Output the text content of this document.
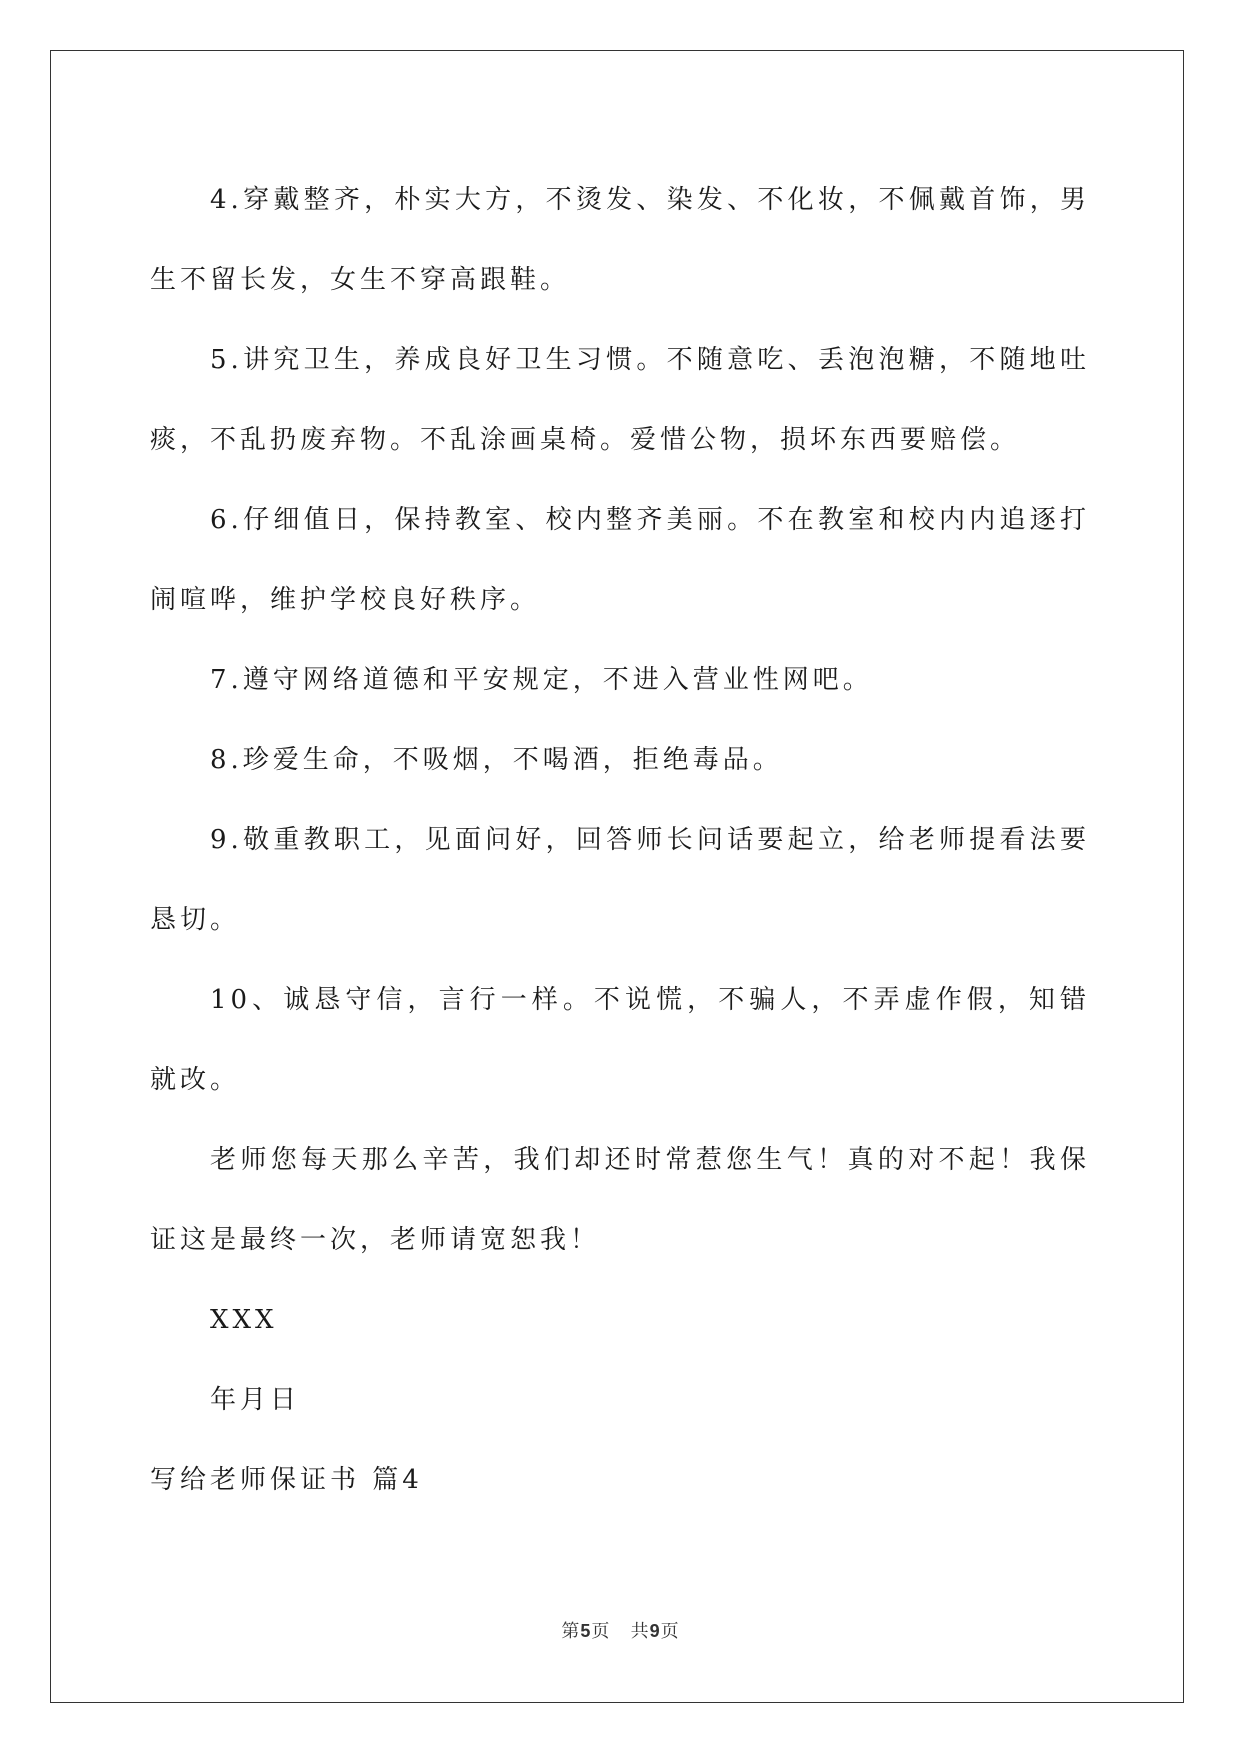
4.穿戴整齐，朴实大方，不烫发、染发、不化妆，不佩戴首饰，男生不留长发，女生不穿高跟鞋。

5.讲究卫生，养成良好卫生习惯。不随意吃、丢泡泡糖，不随地吐痰，不乱扔废弃物。不乱涂画桌椅。爱惜公物，损坏东西要赔偿。

6.仔细值日，保持教室、校内整齐美丽。不在教室和校内内追逐打闹喧哗，维护学校良好秩序。

7.遵守网络道德和平安规定，不进入营业性网吧。

8.珍爱生命，不吸烟，不喝酒，拒绝毒品。

9.敬重教职工，见面问好，回答师长问话要起立，给老师提看法要恳切。

10、诚恳守信，言行一样。不说慌，不骗人，不弄虚作假，知错就改。

老师您每天那么辛苦，我们却还时常惹您生气！真的对不起！我保证这是最终一次，老师请宽恕我！

XXX

年月日

写给老师保证书 篇4

第5页   共9页
